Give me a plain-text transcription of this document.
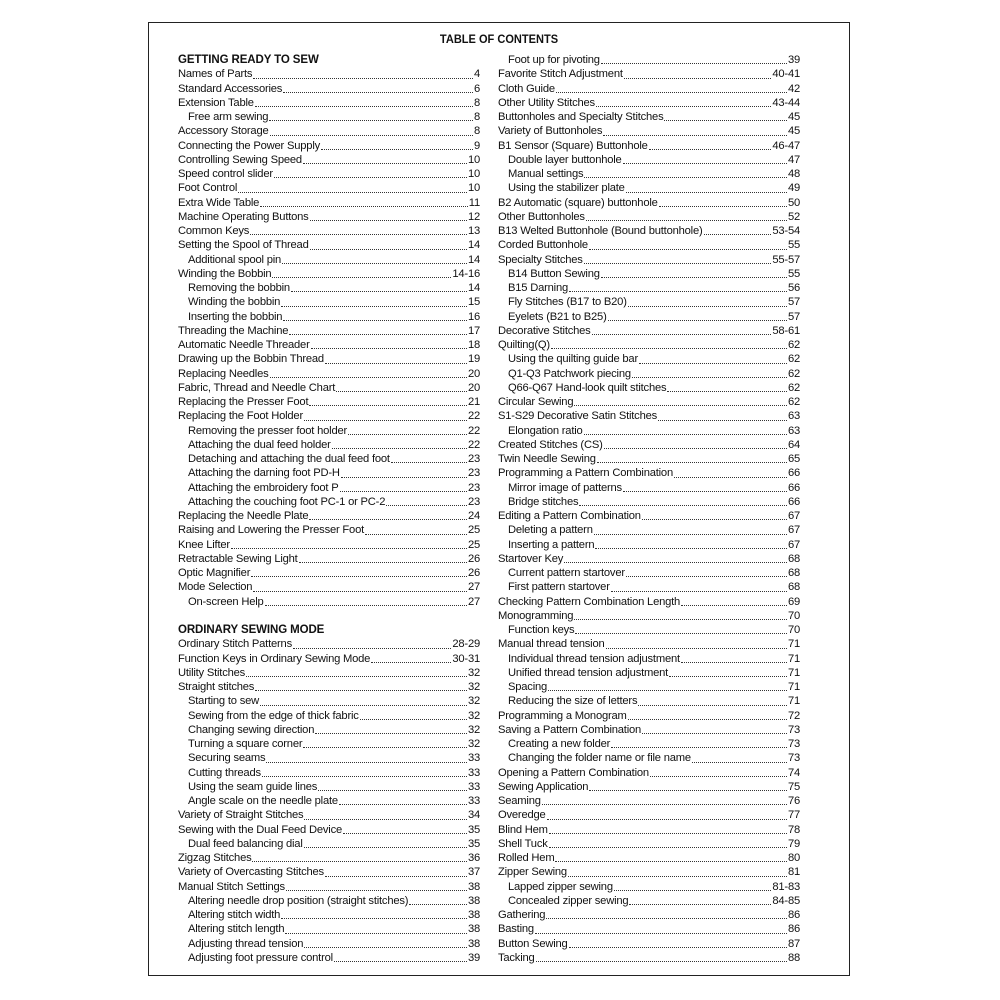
TABLE OF CONTENTS
GETTING READY TO SEW
Names of Parts	4
Standard Accessories	6
Extension Table	8
Free arm sewing	8
Accessory Storage	8
Connecting the Power Supply	9
Controlling Sewing Speed	10
Speed control slider	10
Foot Control	10
Extra Wide Table	11
Machine Operating Buttons	12
Common Keys	13
Setting the Spool of Thread	14
Additional spool pin	14
Winding the Bobbin	14-16
Removing the bobbin	14
Winding the bobbin	15
Inserting the bobbin	16
Threading the Machine	17
Automatic Needle Threader	18
Drawing up the Bobbin Thread	19
Replacing Needles	20
Fabric, Thread and Needle Chart	20
Replacing the Presser Foot	21
Replacing the Foot Holder	22
Removing the presser foot holder	22
Attaching the dual feed holder	22
Detaching and attaching the dual feed foot	23
Attaching the darning foot PD-H	23
Attaching the embroidery foot P	23
Attaching the couching foot PC-1 or PC-2	23
Replacing the Needle Plate	24
Raising and Lowering the Presser Foot	25
Knee Lifter	25
Retractable Sewing Light	26
Optic Magnifier	26
Mode Selection	27
On-screen Help	27
ORDINARY SEWING MODE
Ordinary Stitch Patterns	28-29
Function Keys in Ordinary Sewing Mode	30-31
Utility Stitches	32
Straight stitches	32
Starting to sew	32
Sewing from the edge of thick fabric	32
Changing sewing direction	32
Turning a square corner	32
Securing seams	33
Cutting threads	33
Using the seam guide lines	33
Angle scale on the needle plate	33
Variety of Straight Stitches	34
Sewing with the Dual Feed Device	35
Dual feed balancing dial	35
Zigzag Stitches	36
Variety of Overcasting Stitches	37
Manual Stitch Settings	38
Altering needle drop position (straight stitches)	38
Altering stitch width	38
Altering stitch length	38
Adjusting thread tension	38
Adjusting foot pressure control	39
Foot up for pivoting	39
Favorite Stitch Adjustment	40-41
Cloth Guide	42
Other Utility Stitches	43-44
Buttonholes and Specialty Stitches	45
Variety of Buttonholes	45
B1 Sensor (Square) Buttonhole	46-47
Double layer buttonhole	47
Manual settings	48
Using the stabilizer plate	49
B2 Automatic (square) buttonhole	50
Other Buttonholes	52
B13 Welted Buttonhole (Bound buttonhole)	53-54
Corded Buttonhole	55
Specialty Stitches	55-57
B14 Button Sewing	55
B15 Darning	56
Fly Stitches (B17 to B20)	57
Eyelets (B21 to B25)	57
Decorative Stitches	58-61
Quilting(Q)	62
Using the quilting guide bar	62
Q1-Q3 Patchwork piecing	62
Q66-Q67 Hand-look quilt stitches	62
Circular Sewing	62
S1-S29 Decorative Satin Stitches	63
Elongation ratio	63
Created Stitches (CS)	64
Twin Needle Sewing	65
Programming a Pattern Combination	66
Mirror image of patterns	66
Bridge stitches	66
Editing a Pattern Combination	67
Deleting a pattern	67
Inserting a pattern	67
Startover Key	68
Current pattern startover	68
First pattern startover	68
Checking Pattern Combination Length	69
Monogramming	70
Function keys	70
Manual thread tension	71
Individual thread tension adjustment	71
Unified thread tension adjustment	71
Spacing	71
Reducing the size of letters	71
Programming a Monogram	72
Saving a Pattern Combination	73
Creating a new folder	73
Changing the folder name or file name	73
Opening a Pattern Combination	74
Sewing Application	75
Seaming	76
Overedge	77
Blind Hem	78
Shell Tuck	79
Rolled Hem	80
Zipper Sewing	81
Lapped zipper sewing	81-83
Concealed zipper sewing	84-85
Gathering	86
Basting	86
Button Sewing	87
Tacking	88
